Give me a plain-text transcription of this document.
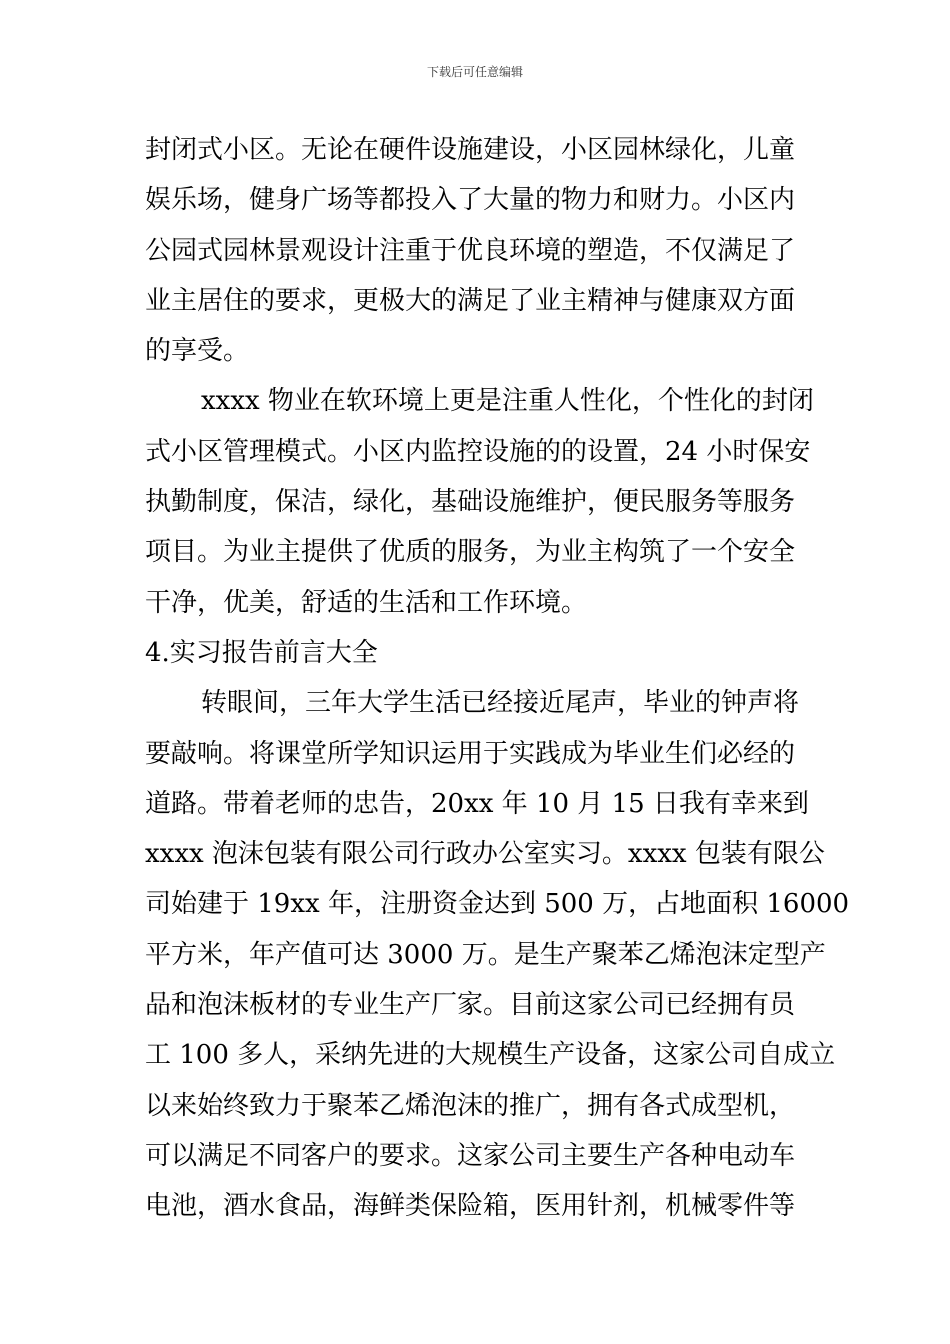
下载后可任意编辑
封闭式小区。无论在硬件设施建设，小区园林绿化，儿童
娱乐场，健身广场等都投入了大量的物力和财力。小区内
公园式园林景观设计注重于优良环境的塑造，不仅满足了
业主居住的要求，更极大的满足了业主精神与健康双方面
的享受。
xxxx 物业在软环境上更是注重人性化，个性化的封闭
式小区管理模式。小区内监控设施的的设置，24 小时保安
执勤制度，保洁，绿化，基础设施维护，便民服务等服务
项目。为业主提供了优质的服务，为业主构筑了一个安全
干净，优美，舒适的生活和工作环境。
4.实习报告前言大全
转眼间，三年大学生活已经接近尾声，毕业的钟声将
要敲响。将课堂所学知识运用于实践成为毕业生们必经的
道路。带着老师的忠告，20xx 年 10 月 15 日我有幸来到
xxxx 泡沫包装有限公司行政办公室实习。xxxx 包装有限公
司始建于 19xx 年，注册资金达到 500 万，占地面积 16000
平方米，年产值可达 3000 万。是生产聚苯乙烯泡沫定型产
品和泡沫板材的专业生产厂家。目前这家公司已经拥有员
工 100 多人，采纳先进的大规模生产设备，这家公司自成立
以来始终致力于聚苯乙烯泡沫的推广，拥有各式成型机，
可以满足不同客户的要求。这家公司主要生产各种电动车
电池，酒水食品，海鲜类保险箱，医用针剂，机械零件等
